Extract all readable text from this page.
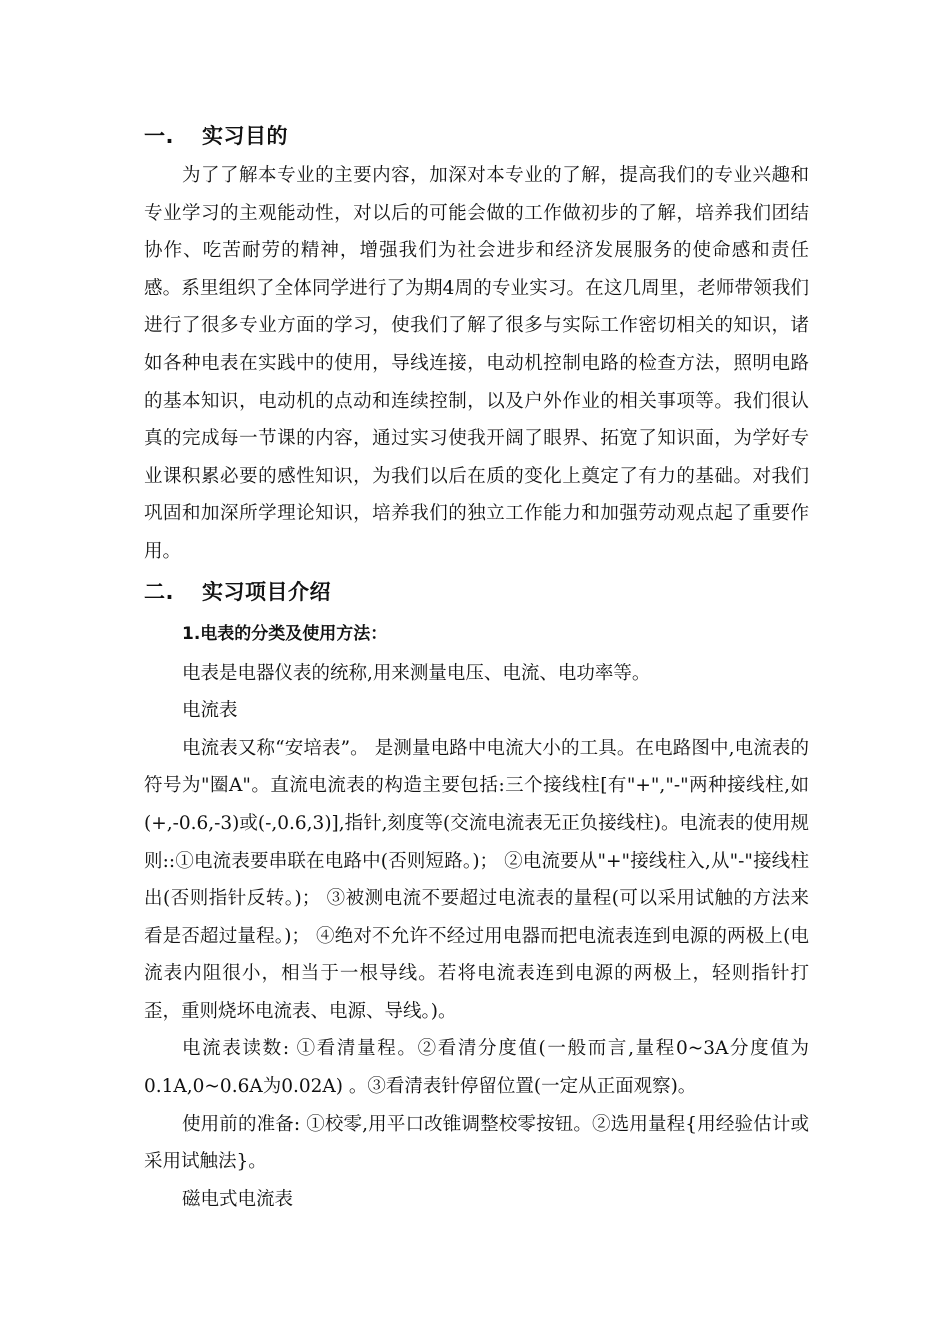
一.	实习目的

为了了解本专业的主要内容，加深对本专业的了解，提高我们的专业兴趣和专业学习的主观能动性，对以后的可能会做的工作做初步的了解，培养我们团结协作、吃苦耐劳的精神，增强我们为社会进步和经济发展服务的使命感和责任感。系里组织了全体同学进行了为期4周的专业实习。在这几周里，老师带领我们进行了很多专业方面的学习，使我们了解了很多与实际工作密切相关的知识，诸如各种电表在实践中的使用，导线连接，电动机控制电路的检查方法，照明电路的基本知识，电动机的点动和连续控制，以及户外作业的相关事项等。我们很认真的完成每一节课的内容，通过实习使我开阔了眼界、拓宽了知识面，为学好专业课积累必要的感性知识，为我们以后在质的变化上奠定了有力的基础。对我们巩固和加深所学理论知识，培养我们的独立工作能力和加强劳动观点起了重要作用。

二.	实习项目介绍
1.电表的分类及使用方法：

电表是电器仪表的统称,用来测量电压、电流、电功率等。

电流表

电流表又称“安培表”。 是测量电路中电流大小的工具。在电路图中,电流表的符号为"圈A"。直流电流表的构造主要包括:三个接线柱[有"+","-"两种接线柱,如(+,-0.6,-3)或(-,0.6,3)],指针,刻度等(交流电流表无正负接线柱)。电流表的使用规则::①电流表要串联在电路中(否则短路。)； ②电流要从"+"接线柱入,从"-"接线柱出(否则指针反转。)； ③被测电流不要超过电流表的量程(可以采用试触的方法来看是否超过量程。)； ④绝对不允许不经过用电器而把电流表连到电源的两极上(电流表内阻很小，相当于一根导线。若将电流表连到电源的两极上，轻则指针打歪，重则烧坏电流表、电源、导线。)。

电流表读数: ①看清量程。②看清分度值(一般而言,量程0~3A分度值为0.1A,0~0.6A为0.02A) 。③看清表针停留位置(一定从正面观察)。

使用前的准备: ①校零,用平口改锥调整校零按钮。②选用量程{用经验估计或采用试触法}。

磁电式电流表
